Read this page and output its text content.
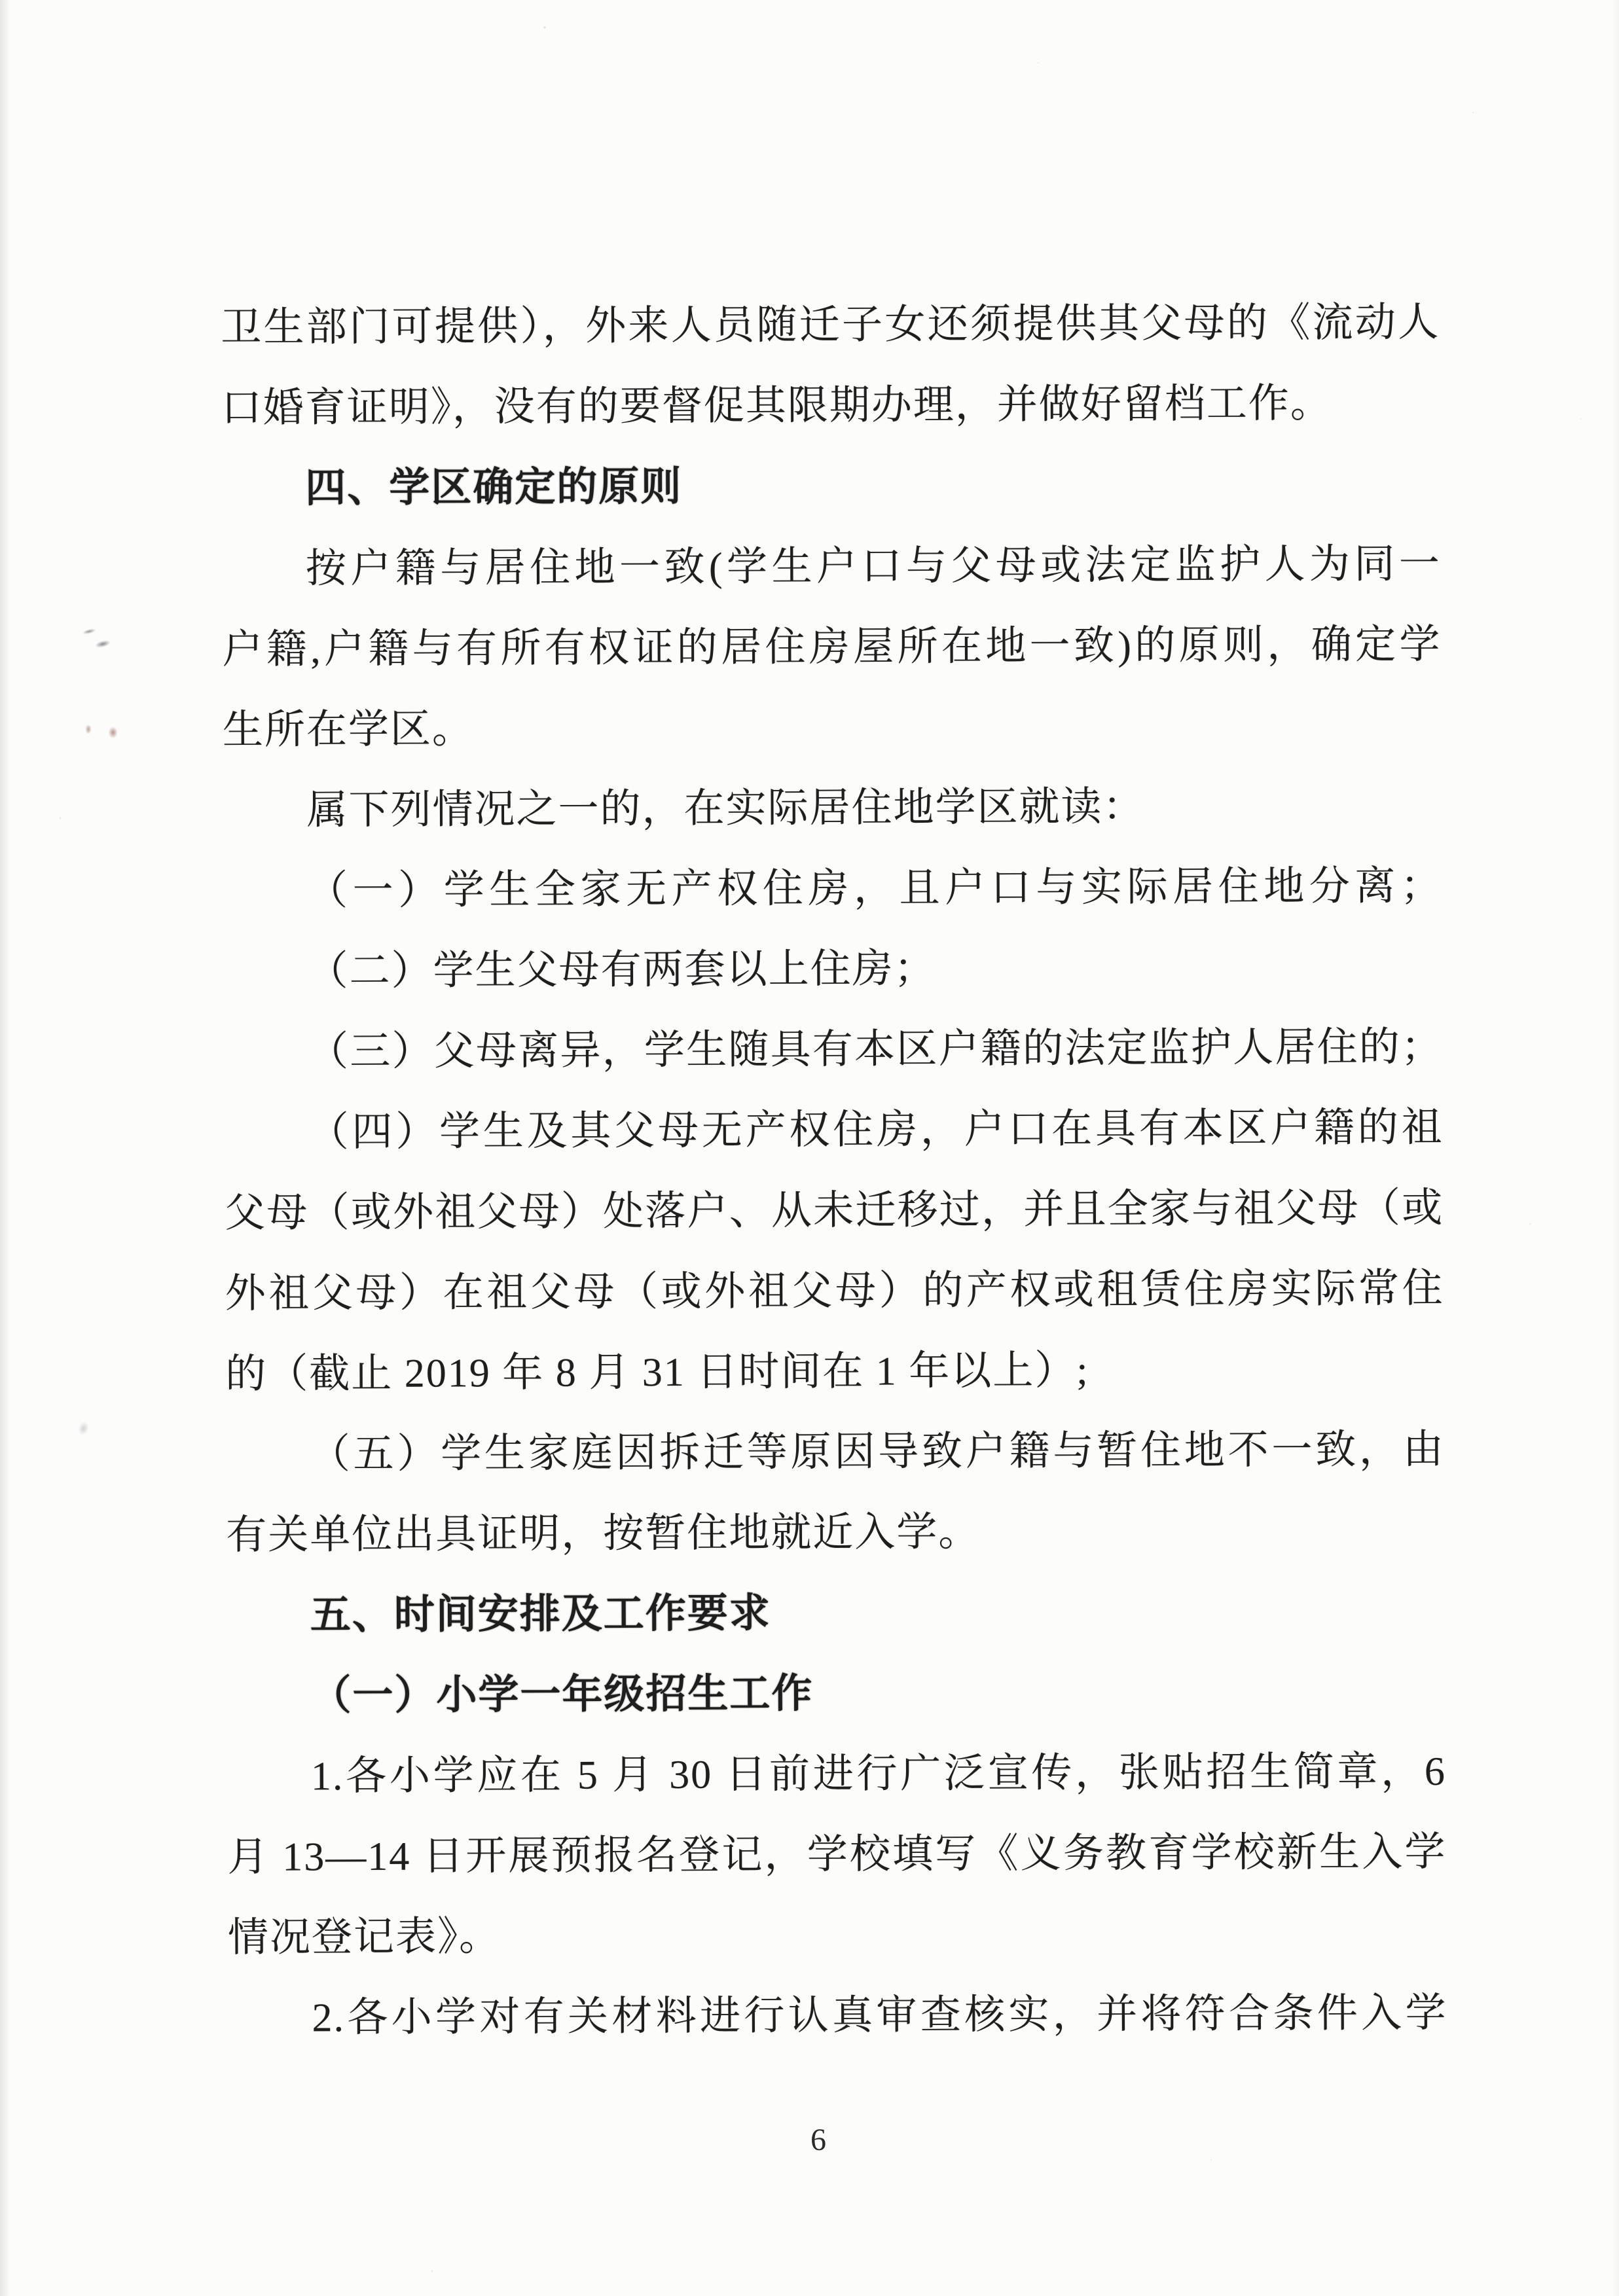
卫生部门可提供），外来人员随迁子女还须提供其父母的《流动人

口婚育证明》，没有的要督促其限期办理，并做好留档工作。

四、学区确定的原则

按户籍与居住地一致(学生户口与父母或法定监护人为同一

户籍,户籍与有所有权证的居住房屋所在地一致)的原则，确定学

生所在学区。

属下列情况之一的，在实际居住地学区就读：

（一）学生全家无产权住房，且户口与实际居住地分离；

（二）学生父母有两套以上住房；

（三）父母离异，学生随具有本区户籍的法定监护人居住的；

（四）学生及其父母无产权住房，户口在具有本区户籍的祖

父母（或外祖父母）处落户、从未迁移过，并且全家与祖父母（或

外祖父母）在祖父母（或外祖父母）的产权或租赁住房实际常住

的（截止 2019 年 8 月 31 日时间在 1 年以上）;

（五）学生家庭因拆迁等原因导致户籍与暂住地不一致，由

有关单位出具证明，按暂住地就近入学。

五、时间安排及工作要求

（一）小学一年级招生工作

1.各小学应在 5 月 30 日前进行广泛宣传，张贴招生简章，6

月 13—14 日开展预报名登记，学校填写《义务教育学校新生入学

情况登记表》。

2.各小学对有关材料进行认真审查核实，并将符合条件入学

6
